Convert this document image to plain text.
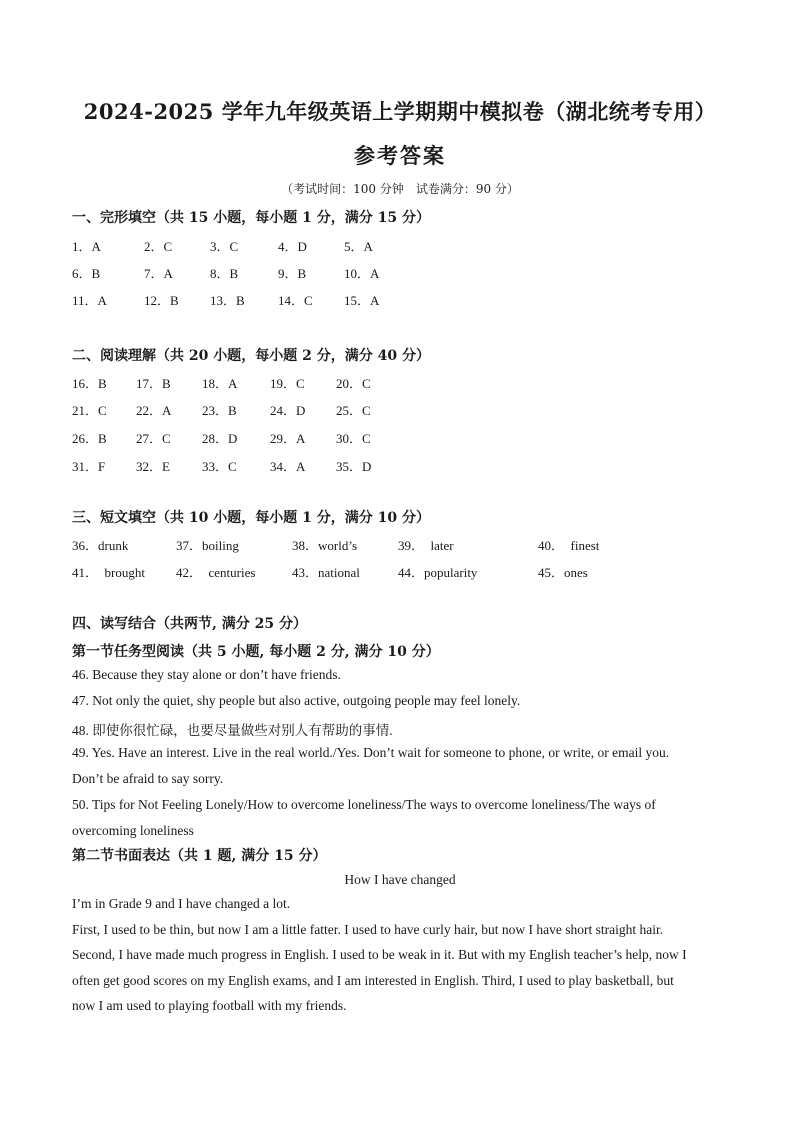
2024-2025 学年九年级英语上学期期中模拟卷（湖北统考专用）
参考答案
（考试时间：100 分钟　试卷满分：90 分）
一、完形填空（共 15 小题，每小题 1 分，满分 15 分）
1．A	2．C	3．C	4．D	5．A
6．B	7．A	8．B	9．B	10．A
11．A	12．B 13．B	14．C 15．A
二、阅读理解（共 20 小题，每小题 2 分，满分 40 分）
16．B 17．B 18．A	19．C 20．C
21．C 22．A 23．B	24．D 25．C
26．B 27．C 28．D	29．A 30．C
31．F 32．E 33．C	34．A 35．D
三、短文填空（共 10 小题，每小题 1 分，满分 10 分）
36．drunk	37．boiling	38．world’s	39．　later	40．　finest
41．　brought 42．　centuries	43．national	44．popularity	45．ones
四、读写结合（共两节, 满分 25 分）
第一节任务型阅读（共 5 小题, 每小题 2 分, 满分 10 分）
46. Because they stay alone or don’t have friends.
47. Not only the quiet, shy people but also active, outgoing people may feel lonely.
48. 即使你很忙碌，也要尽量做些对别人有帮助的事情.
49. Yes. Have an interest. Live in the real world./Yes. Don’t wait for someone to phone, or write, or email you.
Don’t be afraid to say sorry.
50. Tips for Not Feeling Lonely/How to overcome loneliness/The ways to overcome loneliness/The ways of
overcoming loneliness
第二节书面表达（共 1 题, 满分 15 分）
How I have changed
I’m in Grade 9 and I have changed a lot.
First, I used to be thin, but now I am a little fatter. I used to have curly hair, but now I have short straight hair.
Second, I have made much progress in English. I used to be weak in it. But with my English teacher’s help, now I
often get good scores on my English exams, and I am interested in English. Third, I used to play basketball, but
now I am used to playing football with my friends.
